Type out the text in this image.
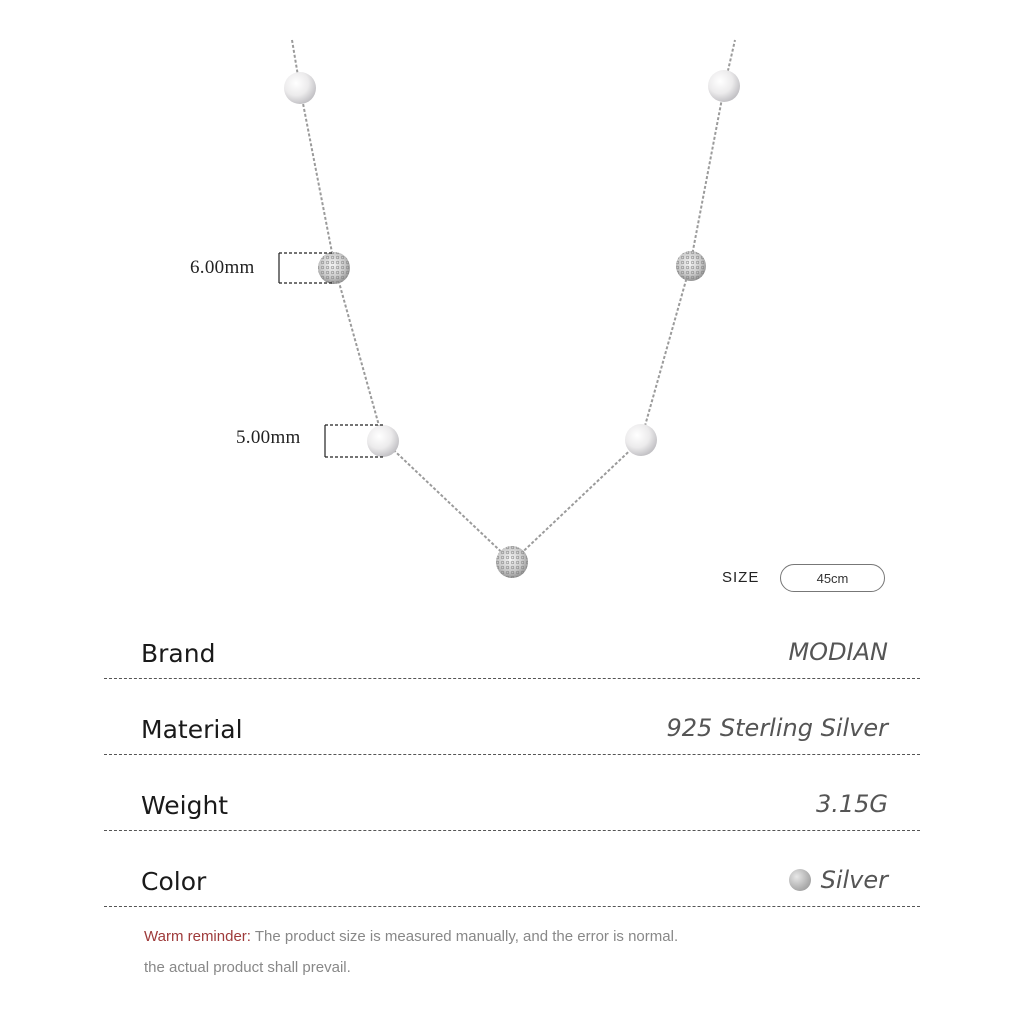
6.00mm
5.00mm
SIZE	45cm
Brand	MODIAN
Material	925 Sterling Silver
Weight	3.15G
Color	Silver
Warm reminder: The product size is measured manually, and the error is normal.
the actual product shall prevail.
